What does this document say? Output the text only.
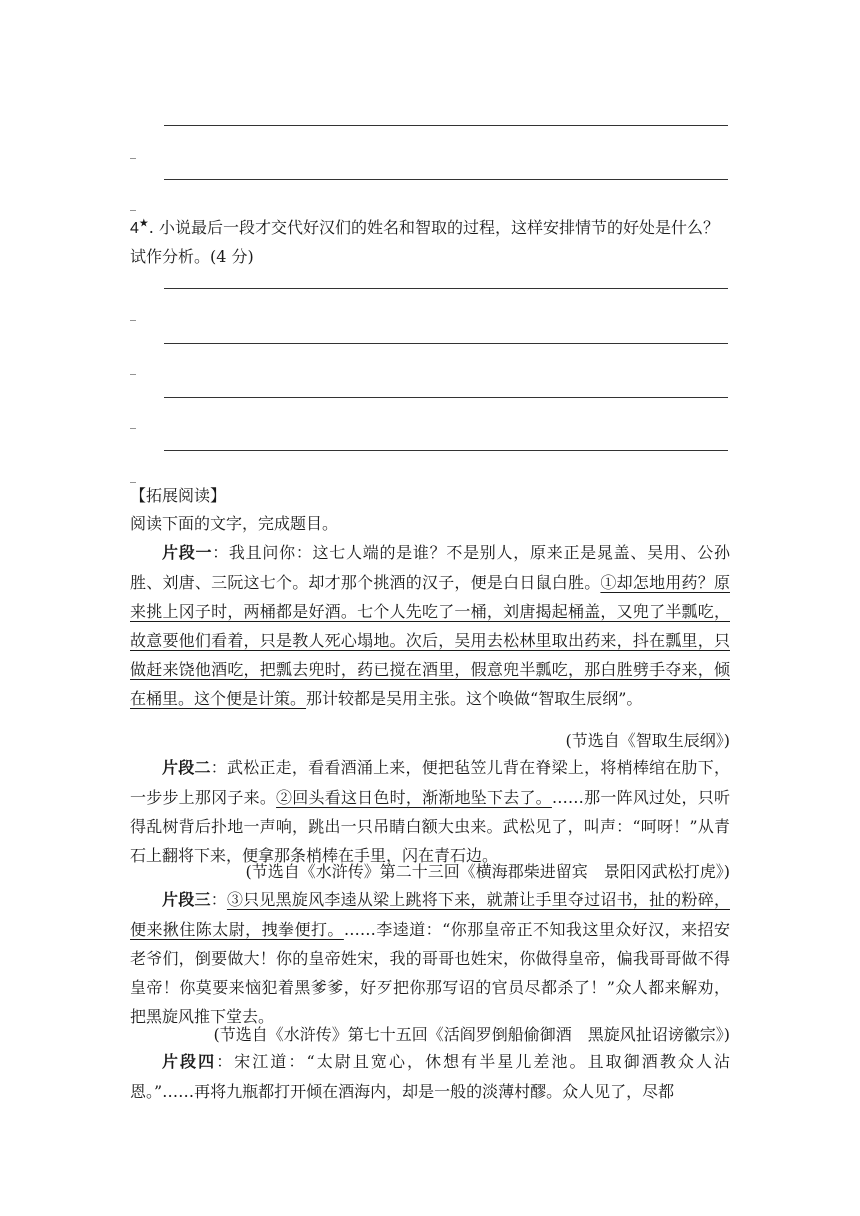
_
_
4★. 小说最后一段才交代好汉们的姓名和智取的过程，这样安排情节的好处是什么？试作分析。(4 分)
_
_
_
_
【拓展阅读】
阅读下面的文字，完成题目。
片段一：我且问你：这七人端的是谁？不是别人，原来正是晁盖、吴用、公孙胜、刘唐、三阮这七个。却才那个挑酒的汉子，便是白日鼠白胜。①却怎地用药？原来挑上冈子时，两桶都是好酒。七个人先吃了一桶，刘唐揭起桶盖，又兜了半瓢吃，故意要他们看着，只是教人死心塌地。次后，吴用去松林里取出药来，抖在瓢里，只做赶来饶他酒吃，把瓢去兜时，药已搅在酒里，假意兜半瓢吃，那白胜劈手夺来，倾在桶里。这个便是计策。那计较都是吴用主张。这个唤做“智取生辰纲”。
(节选自《智取生辰纲》)
片段二：武松正走，看看酒涌上来，便把毡笠儿背在脊梁上，将梢棒绾在肋下，一步步上那冈子来。②回头看这日色时，渐渐地坠下去了。……那一阵风过处，只听得乱树背后扑地一声响，跳出一只吊睛白额大虫来。武松见了，叫声：“呵呀！”从青石上翻将下来，便拿那条梢棒在手里，闪在青石边。
(节选自《水浒传》第二十三回《横海郡柴进留宾　景阳冈武松打虎》)
片段三：③只见黑旋风李逵从梁上跳将下来，就萧让手里夺过诏书，扯的粉碎，便来揪住陈太尉，拽拳便打。……李逵道：“你那皇帝正不知我这里众好汉，来招安老爷们，倒要做大！你的皇帝姓宋，我的哥哥也姓宋，你做得皇帝，偏我哥哥做不得皇帝！你莫要来恼犯着黑爹爹，好歹把你那写诏的官员尽都杀了！”众人都来解劝，把黑旋风推下堂去。
(节选自《水浒传》第七十五回《活阎罗倒船偷御酒　黑旋风扯诏谤徽宗》)
片段四：宋江道：“太尉且宽心，休想有半星儿差池。且取御酒教众人沾恩。”……再将九瓶都打开倾在酒海内，却是一般的淡薄村醪。众人见了，尽都
